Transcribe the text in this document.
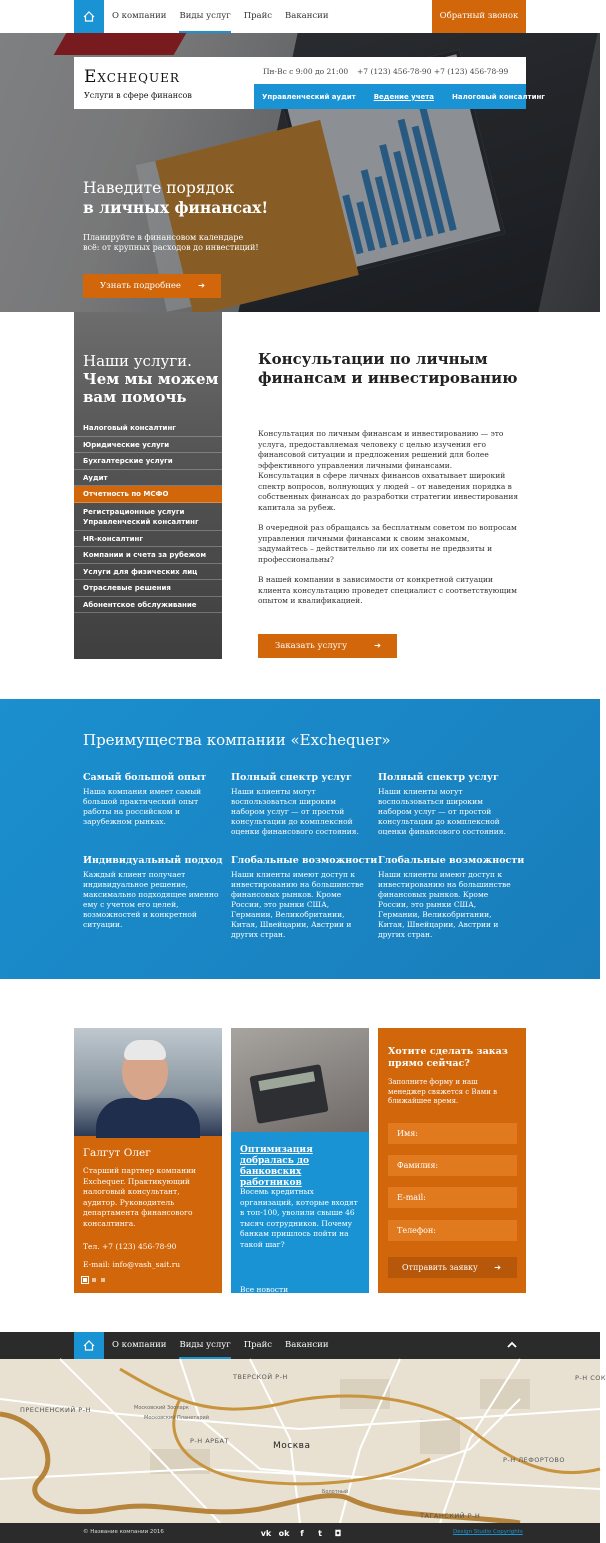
О компании Виды услуг Прайс Вакансии	Обратный звонок
Наведите порядок
в личных финансах!
Планируйте в финансовом календаре
всё: от крупных расходов до инвестиций!
Узнать подробнее ➔
Exchequer
Услуги в сфере финансов
Пн-Вс с 9:00 до 21:00 +7 (123) 456-78-90 +7 (123) 456-78-99
Управленческий аудит	Ведение учета	Налоговый консалтинг
Наши услуги.
Чем мы можем
вам помочь
Налоговый консалтинг
Юридические услуги
Бухгалтерские услуги
Аудит
Отчетность по МСФО
Регистрационные услуги
Управленческий консалтинг
HR-консалтинг
Компании и счета за рубежом
Услуги для физических лиц
Отраслевые решения
Абонентское обслуживание
Консультации по личным финансам и инвестированию

Консультация по личным финансам и инвестированию — это услуга, предоставляемая человеку с целью изучения его финансовой ситуации и предложения решений для более эффективного управления личными финансами.
Консультация в сфере личных финансов охватывает широкий спектр вопросов, волнующих у людей – от наведения порядка в собственных финансах до разработки стратегии инвестирования капитала за рубеж.

В очередной раз обращаясь за бесплатным советом по вопросам управления личными финансами к своим знакомым, задумайтесь – действительно ли их советы не предвзяты и профессиональны?

В нашей компании в зависимости от конкретной ситуации клиента консультацию проведет специалист с соответствующим опытом и квалификацией.

Заказать услугу	➔
Преимущества компании «Exchequer»
Самый большой опыт

Наша компания имеет самый большой практический опыт работы на российском и зарубежном рынках.

Полный спектр услуг

Наши клиенты могут воспользоваться широким набором услуг — от простой консультации до комплексной оценки финансового состояния.

Полный спектр услуг

Наши клиенты могут воспользоваться широким набором услуг — от простой консультации до комплексной оценки финансового состояния.

Индивидуальный подход

Каждый клиент получает индивидуальное решение, максимально подходящее именно ему с учетом его целей, возможностей и конкретной ситуации.

Глобальные возможности

Наши клиенты имеют доступ к инвестированию на большинстве финансовых рынков. Кроме России, это рынки США, Германии, Великобритании, Китая, Швейцарии, Австрии и других стран.

Глобальные возможности

Наши клиенты имеют доступ к инвестированию на большинстве финансовых рынков. Кроме России, это рынки США, Германии, Великобритании, Китая, Швейцарии, Австрии и других стран.

Галгут Олег
Старший партнер компании Exchequer. Практикующий налоговый консультант, аудитор. Руководитель департамента финансового консалтинга.
Тел. +7 (123) 456-78-90
E-mail: info@vash_sait.ru
Оптимизация добралась до банковских работников
Восемь кредитных организаций, которые входят в топ-100, уволили свыше 46 тысяч сотрудников. Почему банкам пришлось пойти на такой шаг?
Все новости
Хотите сделать заказ прямо сейчас?
Заполните форму и наш менеджер свяжется с Вами в ближайшее время.
Имя:
Фамилия:
E-mail:
Телефон:
Отправить заявку ➔
О компании Виды услуг Прайс Вакансии
ТВЕРСКОЙ Р-Н
ПРЕСНЕНСКИЙ Р-Н
Р-Н АРБАТ
Р-Н ЛЕФОРТОВО
ТАГАНСКИЙ Р-Н
Р-Н СОК
Москва
Московский Зоопарк
Московский Планетарий
Болотный
© Название компании 2016	vk ok	f	t	◘	Design Studio Copyrights
